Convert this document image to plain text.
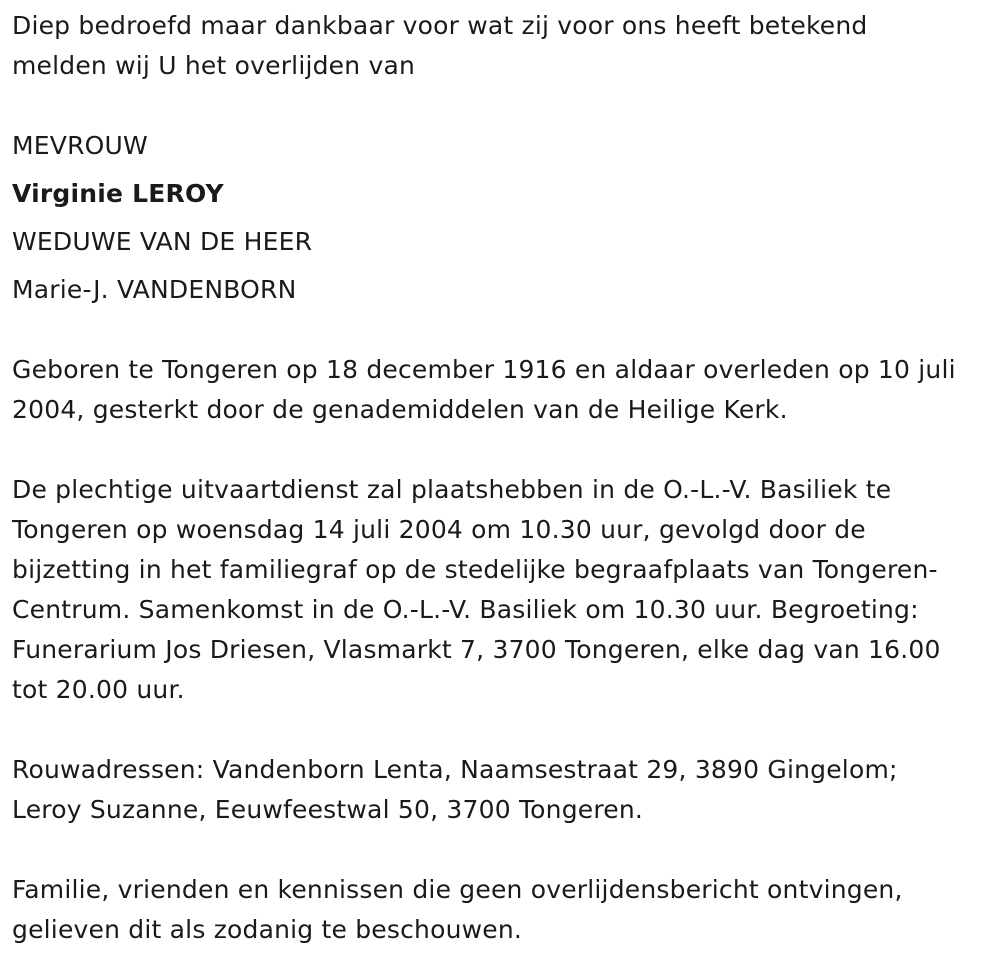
Diep bedroefd maar dankbaar voor wat zij voor ons heeft betekend
melden wij U het overlijden van
MEVROUW
Virginie LEROY
WEDUWE VAN DE HEER
Marie-J. VANDENBORN
Geboren te Tongeren op 18 december 1916 en aldaar overleden op 10 juli
2004, gesterkt door de genademiddelen van de Heilige Kerk.
De plechtige uitvaartdienst zal plaatshebben in de O.-L.-V. Basiliek te
Tongeren op woensdag 14 juli 2004 om 10.30 uur, gevolgd door de
bijzetting in het familiegraf op de stedelijke begraafplaats van Tongeren-
Centrum. Samenkomst in de O.-L.-V. Basiliek om 10.30 uur. Begroeting:
Funerarium Jos Driesen, Vlasmarkt 7, 3700 Tongeren, elke dag van 16.00
tot 20.00 uur.
Rouwadressen: Vandenborn Lenta, Naamsestraat 29, 3890 Gingelom;
Leroy Suzanne, Eeuwfeestwal 50, 3700 Tongeren.
Familie, vrienden en kennissen die geen overlijdensbericht ontvingen,
gelieven dit als zodanig te beschouwen.
